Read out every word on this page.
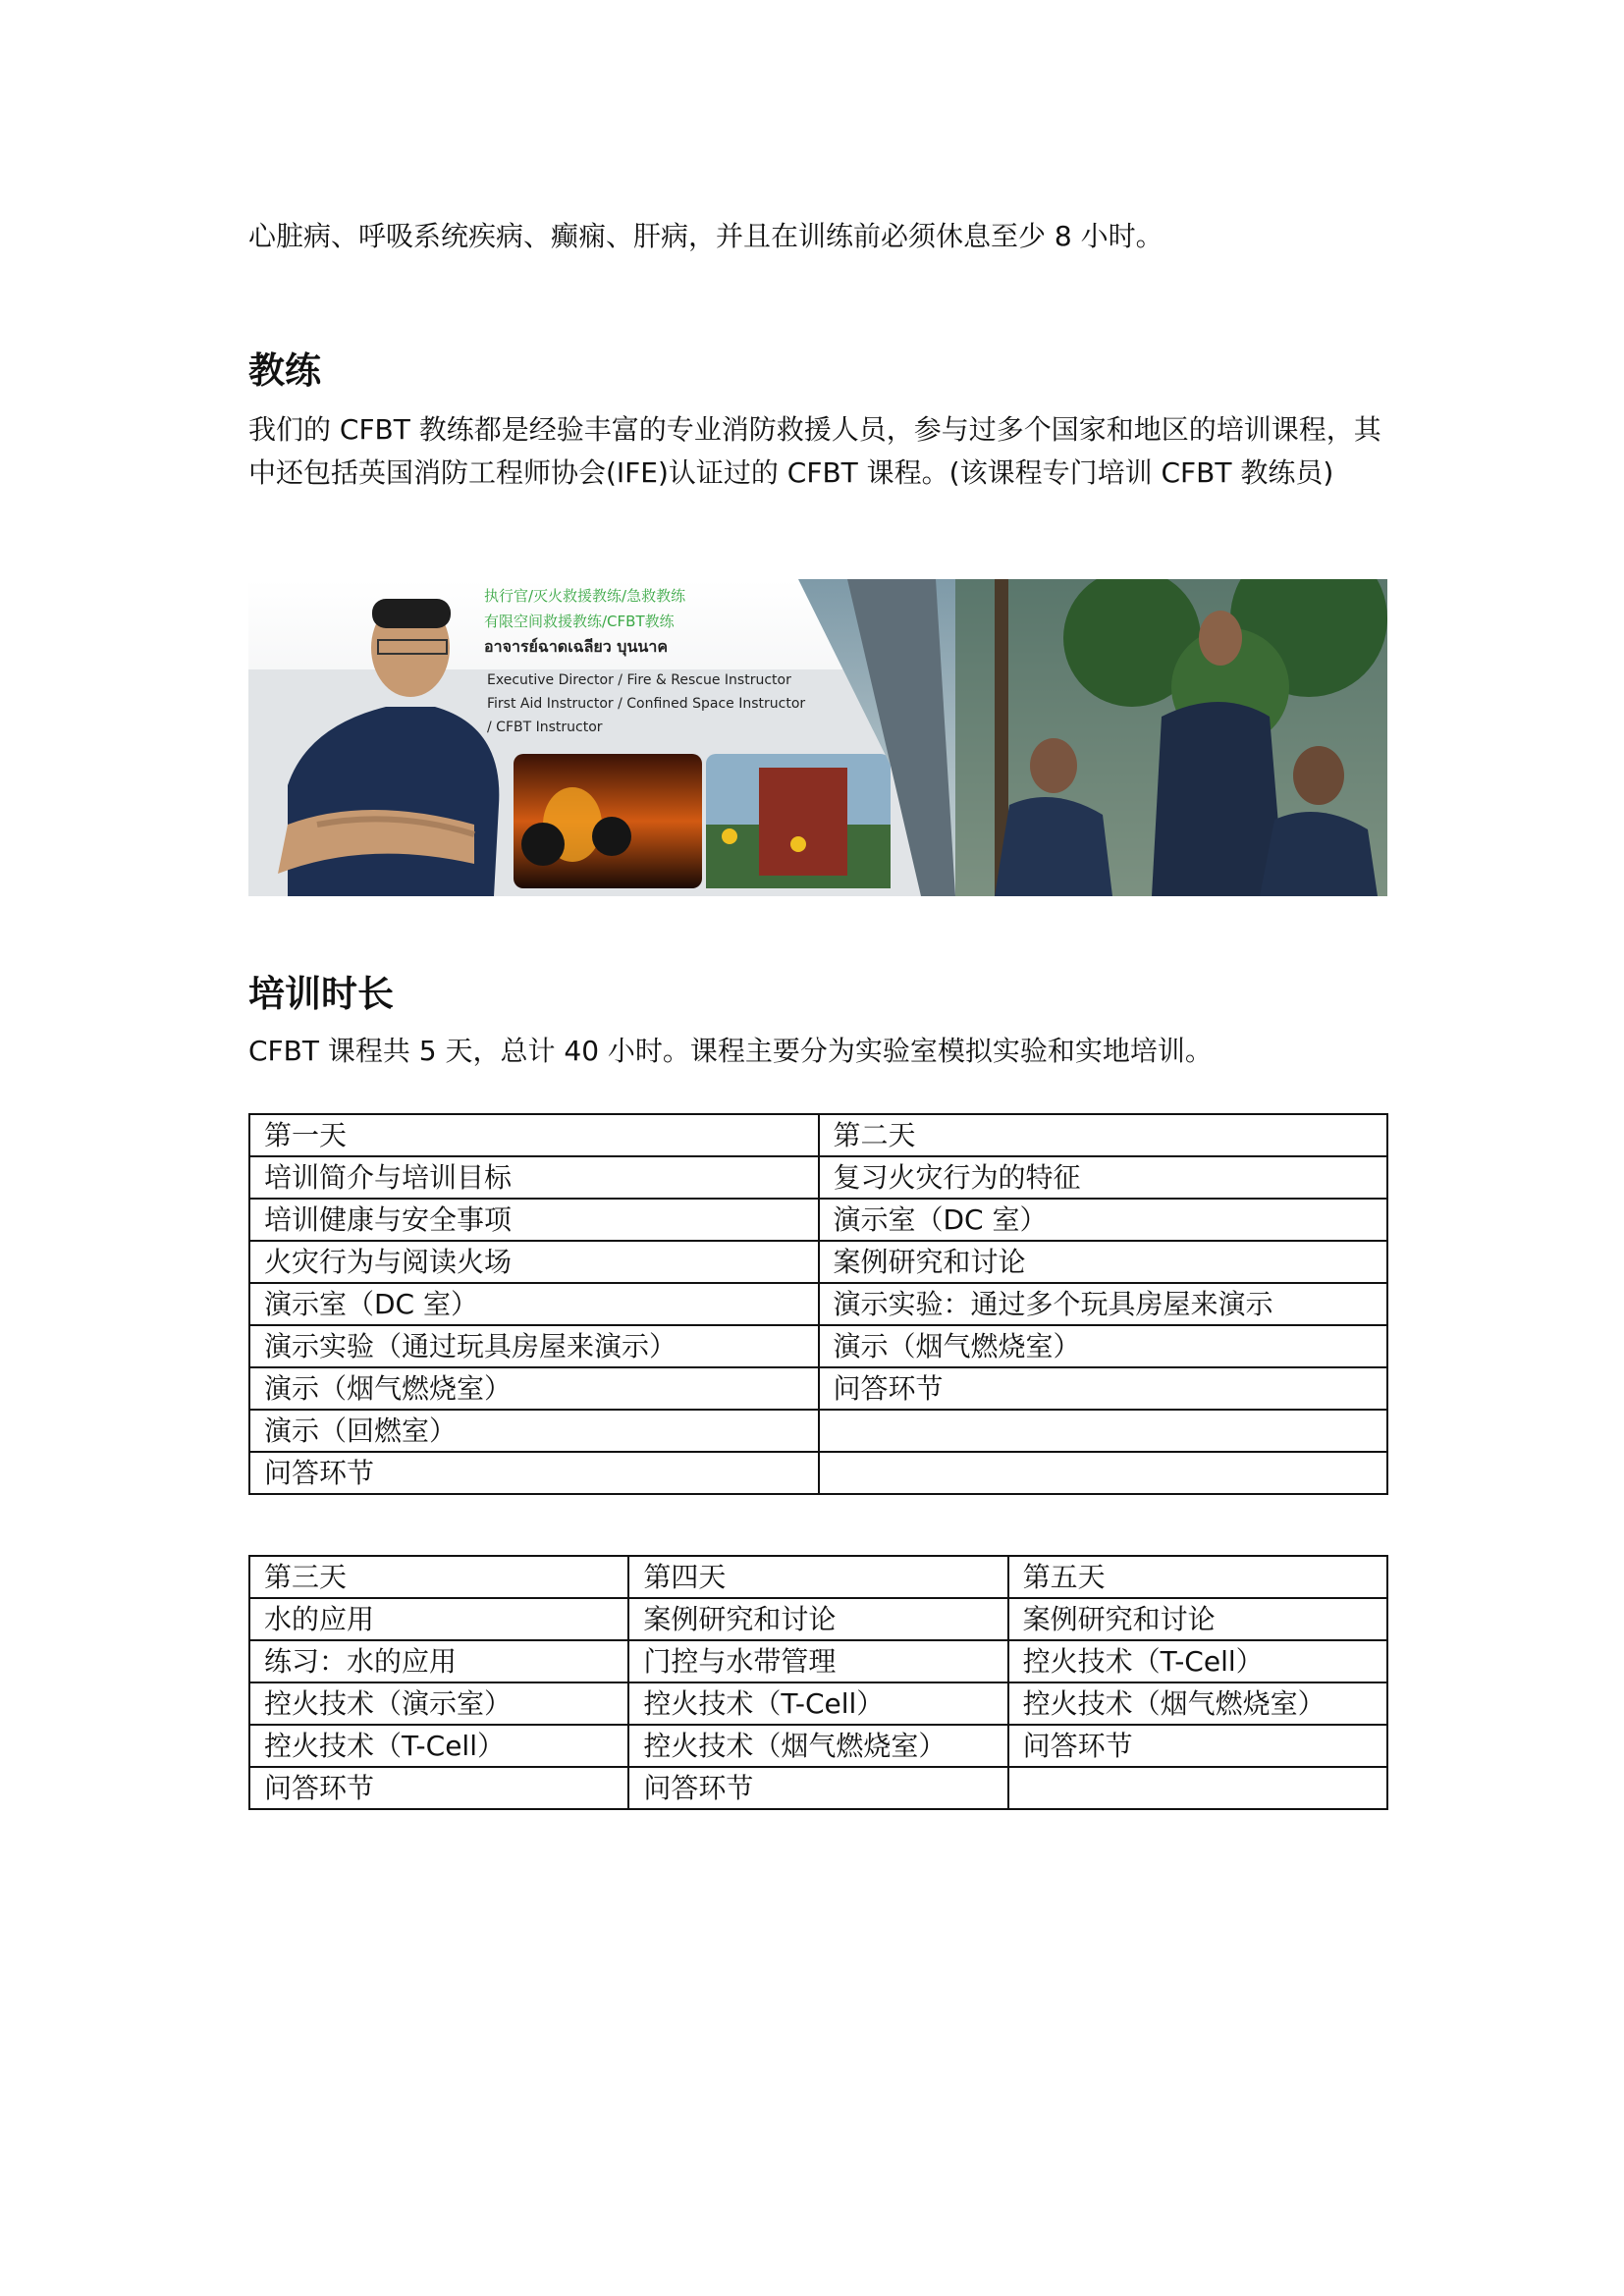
心脏病、呼吸系统疾病、癫痫、肝病，并且在训练前必须休息至少 8 小时。

教练

我们的 CFBT 教练都是经验丰富的专业消防救援人员，参与过多个国家和地区的培训课程，其中还包括英国消防工程师协会(IFE)认证过的 CFBT 课程。(该课程专门培训 CFBT 教练员)

执行官/灭火救援教练/急救教练
有限空间救援教练/CFBT教练
อาจารย์ฉาดเฉลียว บุนนาค
Executive Director / Fire & Rescue Instructor
First Aid Instructor / Confined Space Instructor
/ CFBT Instructor
培训时长

CFBT 课程共 5 天，总计 40 小时。课程主要分为实验室模拟实验和实地培训。

第一天	第二天
培训简介与培训目标	复习火灾行为的特征
培训健康与安全事项	演示室（DC 室）
火灾行为与阅读火场	案例研究和讨论
演示室（DC 室）	演示实验：通过多个玩具房屋来演示
演示实验（通过玩具房屋来演示）	演示（烟气燃烧室）
演示（烟气燃烧室）	问答环节
演示（回燃室）	
问答环节	
第三天	第四天	第五天
水的应用	案例研究和讨论	案例研究和讨论
练习：水的应用	门控与水带管理	控火技术（T-Cell）
控火技术（演示室）	控火技术（T-Cell）	控火技术（烟气燃烧室）
控火技术（T-Cell）	控火技术（烟气燃烧室）	问答环节
问答环节	问答环节	
